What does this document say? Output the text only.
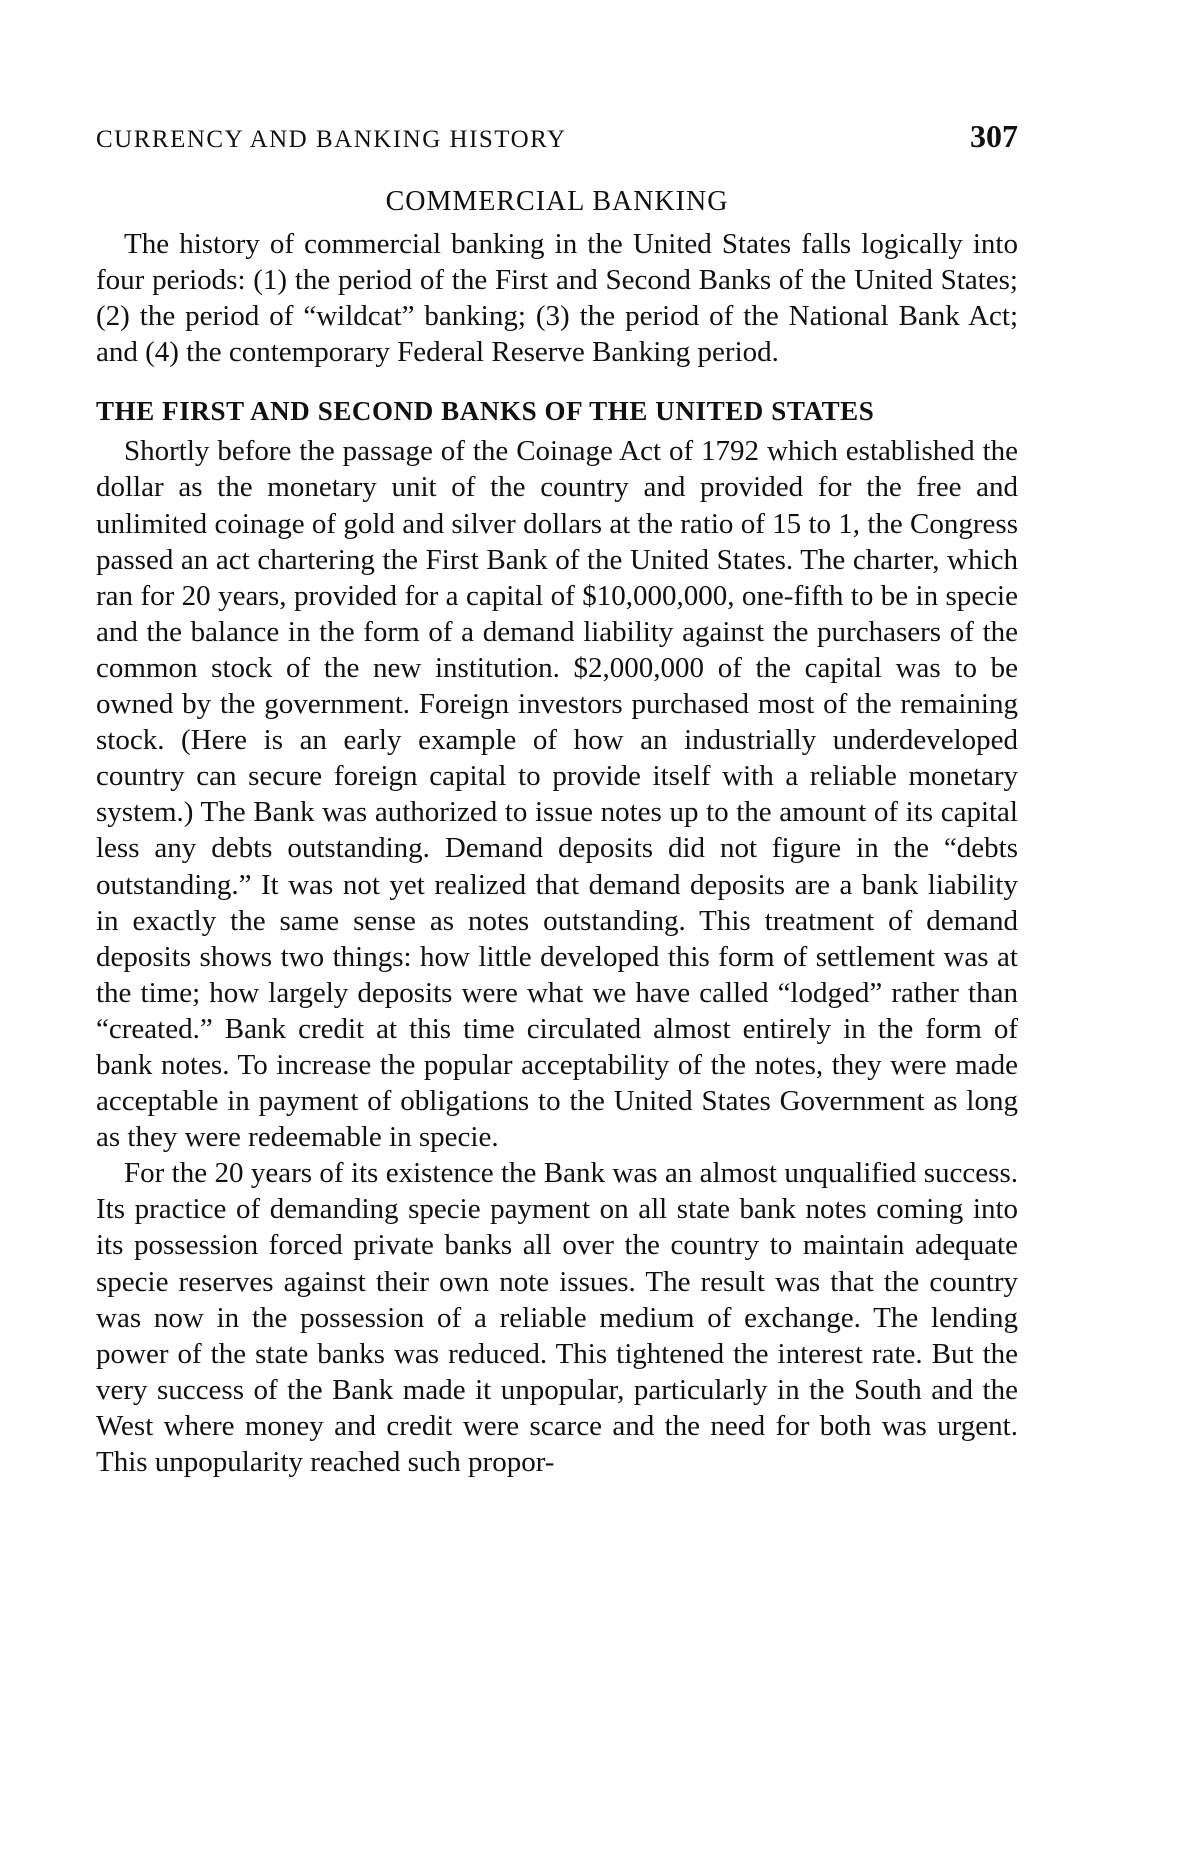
CURRENCY AND BANKING HISTORY	307
COMMERCIAL BANKING

The history of commercial banking in the United States falls logically into four periods: (1) the period of the First and Second Banks of the United States; (2) the period of “wildcat” banking; (3) the period of the National Bank Act; and (4) the contemporary Federal Reserve Banking period.

THE FIRST AND SECOND BANKS OF THE UNITED STATES

Shortly before the passage of the Coinage Act of 1792 which established the dollar as the monetary unit of the country and provided for the free and unlimited coinage of gold and silver dollars at the ratio of 15 to 1, the Congress passed an act chartering the First Bank of the United States. The charter, which ran for 20 years, provided for a capital of $10,000,000, one-fifth to be in specie and the balance in the form of a demand liability against the purchasers of the common stock of the new institution. $2,000,000 of the capital was to be owned by the government. Foreign investors purchased most of the remaining stock. (Here is an early example of how an industrially underdeveloped country can secure foreign capital to provide itself with a reliable monetary system.) The Bank was authorized to issue notes up to the amount of its capital less any debts outstanding. Demand deposits did not figure in the “debts outstanding.” It was not yet realized that demand deposits are a bank liability in exactly the same sense as notes outstanding. This treatment of demand deposits shows two things: how little developed this form of settlement was at the time; how largely deposits were what we have called “lodged” rather than “created.” Bank credit at this time circulated almost entirely in the form of bank notes. To increase the popular acceptability of the notes, they were made acceptable in payment of obligations to the United States Government as long as they were redeemable in specie.

For the 20 years of its existence the Bank was an almost unqualified success. Its practice of demanding specie payment on all state bank notes coming into its possession forced private banks all over the country to maintain adequate specie reserves against their own note issues. The result was that the country was now in the possession of a reliable medium of exchange. The lending power of the state banks was reduced. This tightened the interest rate. But the very success of the Bank made it unpopular, particularly in the South and the West where money and credit were scarce and the need for both was urgent. This unpopularity reached such propor-
